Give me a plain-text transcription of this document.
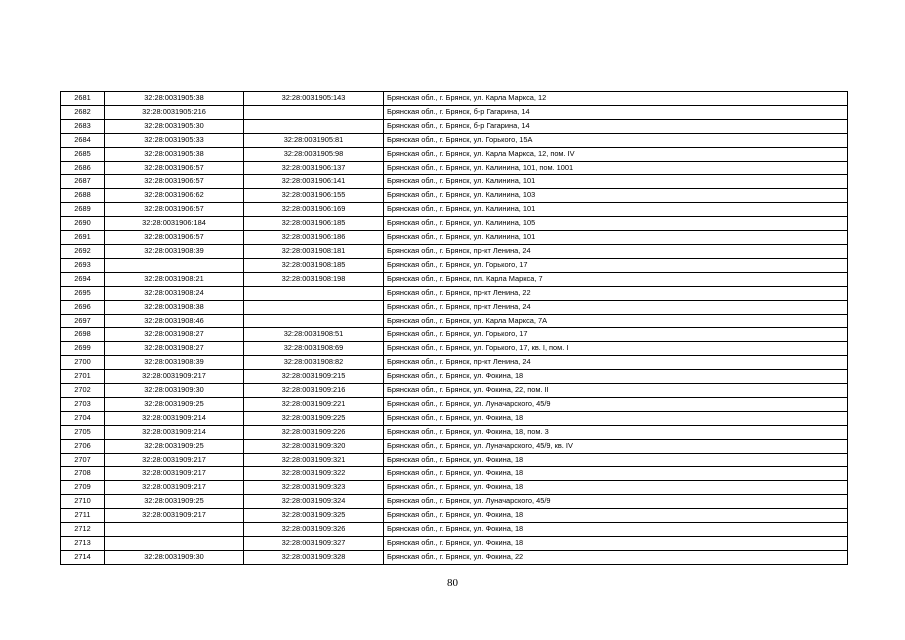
2681	32:28:0031905:38	32:28:0031905:143	Брянская обл., г. Брянск, ул. Карла Маркса, 12
2682	32:28:0031905:216		Брянская обл., г. Брянск, б-р Гагарина, 14
2683	32:28:0031905:30		Брянская обл., г. Брянск, б-р Гагарина, 14
2684	32:28:0031905:33	32:28:0031905:81	Брянская обл., г. Брянск, ул. Горького, 15А
2685	32:28:0031905:38	32:28:0031905:98	Брянская обл., г. Брянск, ул. Карла Маркса, 12, пом. IV
2686	32:28:0031906:57	32:28:0031906:137	Брянская обл., г. Брянск, ул. Калинина, 101, пом. 1001
2687	32:28:0031906:57	32:28:0031906:141	Брянская обл., г. Брянск, ул. Калинина, 101
2688	32:28:0031906:62	32:28:0031906:155	Брянская обл., г. Брянск, ул. Калинина, 103
2689	32:28:0031906:57	32:28:0031906:169	Брянская обл., г. Брянск, ул. Калинина, 101
2690	32:28:0031906:184	32:28:0031906:185	Брянская обл., г. Брянск, ул. Калинина, 105
2691	32:28:0031906:57	32:28:0031906:186	Брянская обл., г. Брянск, ул. Калинина, 101
2692	32:28:0031908:39	32:28:0031908:181	Брянская обл., г. Брянск, пр-кт Ленина, 24
2693		32:28:0031908:185	Брянская обл., г. Брянск, ул. Горького, 17
2694	32:28:0031908:21	32:28:0031908:198	Брянская обл., г. Брянск, пл. Карла Маркса, 7
2695	32:28:0031908:24		Брянская обл., г. Брянск, пр-кт Ленина, 22
2696	32:28:0031908:38		Брянская обл., г. Брянск, пр-кт Ленина, 24
2697	32:28:0031908:46		Брянская обл., г. Брянск, ул. Карла Маркса, 7А
2698	32:28:0031908:27	32:28:0031908:51	Брянская обл., г. Брянск, ул. Горького, 17
2699	32:28:0031908:27	32:28:0031908:69	Брянская обл., г. Брянск, ул. Горького, 17, кв. I, пом. I
2700	32:28:0031908:39	32:28:0031908:82	Брянская обл., г. Брянск, пр-кт Ленина, 24
2701	32:28:0031909:217	32:28:0031909:215	Брянская обл., г. Брянск, ул. Фокина, 18
2702	32:28:0031909:30	32:28:0031909:216	Брянская обл., г. Брянск, ул. Фокина, 22, пом. II
2703	32:28:0031909:25	32:28:0031909:221	Брянская обл., г. Брянск, ул. Луначарского, 45/9
2704	32:28:0031909:214	32:28:0031909:225	Брянская обл., г. Брянск, ул. Фокина, 18
2705	32:28:0031909:214	32:28:0031909:226	Брянская обл., г. Брянск, ул. Фокина, 18, пом. 3
2706	32:28:0031909:25	32:28:0031909:320	Брянская обл., г. Брянск, ул. Луначарского, 45/9, кв. IV
2707	32:28:0031909:217	32:28:0031909:321	Брянская обл., г. Брянск, ул. Фокина, 18
2708	32:28:0031909:217	32:28:0031909:322	Брянская обл., г. Брянск, ул. Фокина, 18
2709	32:28:0031909:217	32:28:0031909:323	Брянская обл., г. Брянск, ул. Фокина, 18
2710	32:28:0031909:25	32:28:0031909:324	Брянская обл., г. Брянск, ул. Луначарского, 45/9
2711	32:28:0031909:217	32:28:0031909:325	Брянская обл., г. Брянск, ул. Фокина, 18
2712		32:28:0031909:326	Брянская обл., г. Брянск, ул. Фокина, 18
2713		32:28:0031909:327	Брянская обл., г. Брянск, ул. Фокина, 18
2714	32:28:0031909:30	32:28:0031909:328	Брянская обл., г. Брянск, ул. Фокина, 22
80
